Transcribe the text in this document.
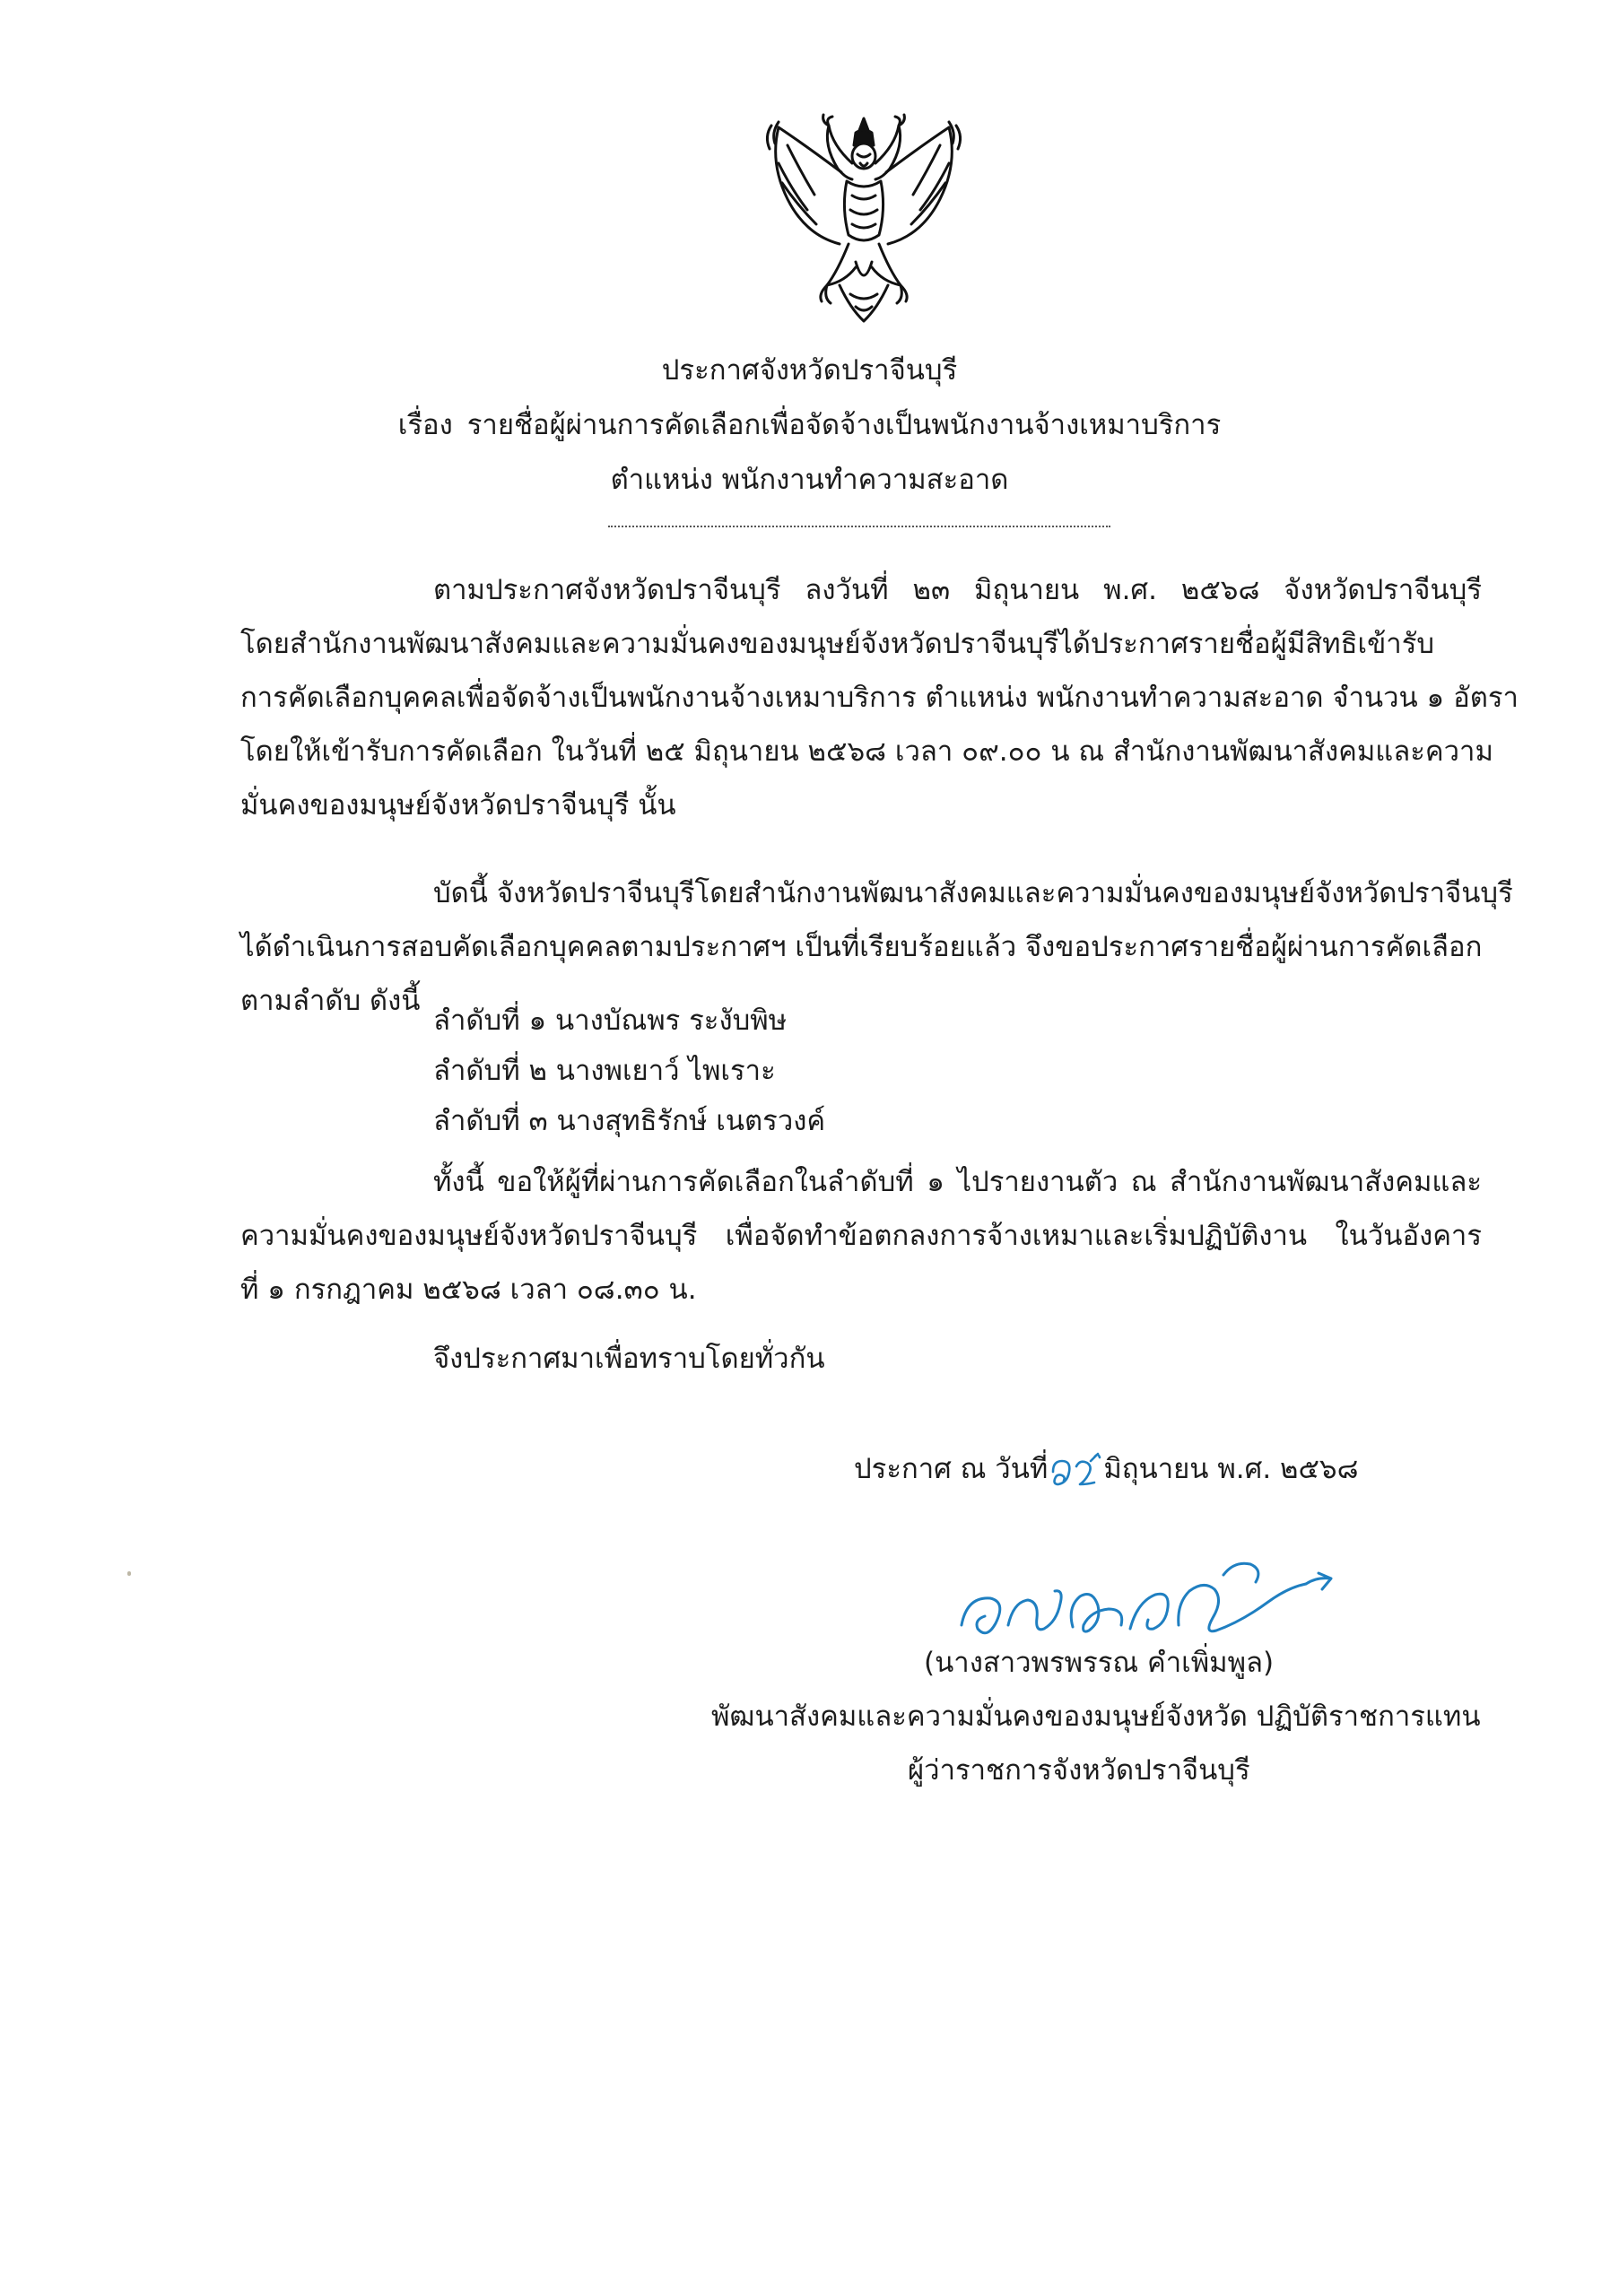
ประกาศจังหวัดปราจีนบุรี
เรื่อง รายชื่อผู้ผ่านการคัดเลือกเพื่อจัดจ้างเป็นพนักงานจ้างเหมาบริการ
ตำแหน่ง พนักงานทำความสะอาด
ตามประกาศจังหวัดปราจีนบุรี ลงวันที่ ๒๓ มิถุนายน พ.ศ. ๒๕๖๘ จังหวัดปราจีนบุรี
โดยสำนักงานพัฒนาสังคมและความมั่นคงของมนุษย์จังหวัดปราจีนบุรีได้ประกาศรายชื่อผู้มีสิทธิเข้ารับ
การคัดเลือกบุคคลเพื่อจัดจ้างเป็นพนักงานจ้างเหมาบริการ ตำแหน่ง พนักงานทำความสะอาด จำนวน ๑ อัตรา
โดยให้เข้ารับการคัดเลือก ในวันที่ ๒๕ มิถุนายน ๒๕๖๘ เวลา ๐๙.๐๐ น ณ สำนักงานพัฒนาสังคมและความ
มั่นคงของมนุษย์จังหวัดปราจีนบุรี นั้น
บัดนี้ จังหวัดปราจีนบุรีโดยสำนักงานพัฒนาสังคมและความมั่นคงของมนุษย์จังหวัดปราจีนบุรี
ได้ดำเนินการสอบคัดเลือกบุคคลตามประกาศฯ เป็นที่เรียบร้อยแล้ว จึงขอประกาศรายชื่อผู้ผ่านการคัดเลือก
ตามลำดับ ดังนี้
ลำดับที่ ๑ นางบัณพร ระงับพิษ
ลำดับที่ ๒ นางพเยาว์ ไพเราะ
ลำดับที่ ๓ นางสุทธิรักษ์ เนตรวงค์
ทั้งนี้ ขอให้ผู้ที่ผ่านการคัดเลือกในลำดับที่ ๑ ไปรายงานตัว ณ สำนักงานพัฒนาสังคมและ
ความมั่นคงของมนุษย์จังหวัดปราจีนบุรี เพื่อจัดทำข้อตกลงการจ้างเหมาและเริ่มปฏิบัติงาน ในวันอังคาร
ที่ ๑ กรกฎาคม ๒๕๖๘ เวลา ๐๘.๓๐ น.
จึงประกาศมาเพื่อทราบโดยทั่วกัน
ประกาศ ณ วันที่ มิถุนายน พ.ศ. ๒๕๖๘
(นางสาวพรพรรณ คำเพิ่มพูล)
พัฒนาสังคมและความมั่นคงของมนุษย์จังหวัด ปฏิบัติราชการแทน
ผู้ว่าราชการจังหวัดปราจีนบุรี
